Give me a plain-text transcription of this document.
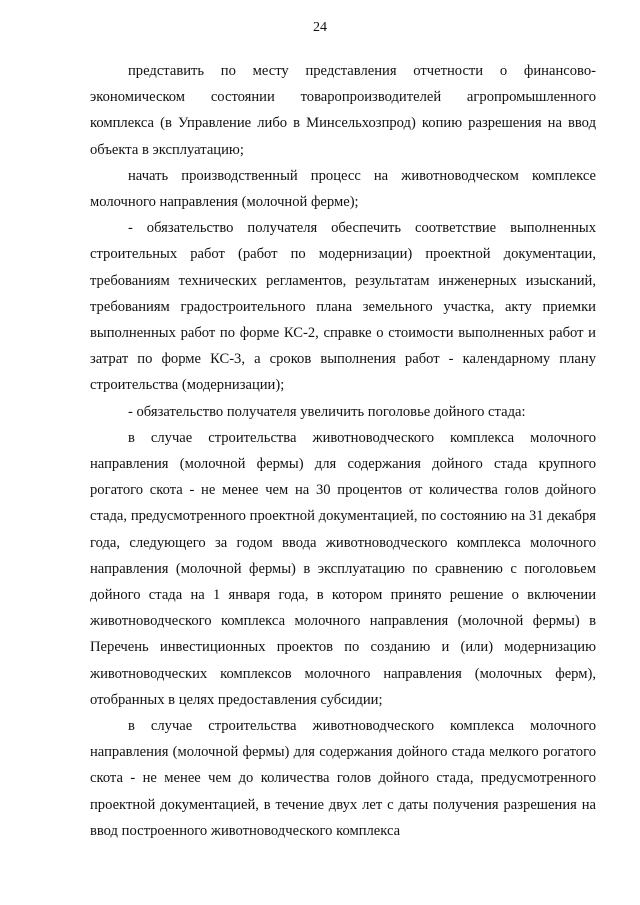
24

представить по месту представления отчетности о финансово-экономическом состоянии товаропроизводителей агропромышленного комплекса (в Управление либо в Минсельхозпрод) копию разрешения на ввод объекта в эксплуатацию;

начать производственный процесс на животноводческом комплексе молочного направления (молочной ферме);

- обязательство получателя обеспечить соответствие выполненных строительных работ (работ по модернизации) проектной документации, требованиям технических регламентов, результатам инженерных изысканий, требованиям градостроительного плана земельного участка, акту приемки выполненных работ по форме КС-2, справке о стоимости выполненных работ и затрат по форме КС-3, а сроков выполнения работ - календарному плану строительства (модернизации);

- обязательство получателя увеличить поголовье дойного стада:

в случае строительства животноводческого комплекса молочного направления (молочной фермы) для содержания дойного стада крупного рогатого скота - не менее чем на 30 процентов от количества голов дойного стада, предусмотренного проектной документацией, по состоянию на 31 декабря года, следующего за годом ввода животноводческого комплекса молочного направления (молочной фермы) в эксплуатацию по сравнению с поголовьем дойного стада на 1 января года, в котором принято решение о включении животноводческого комплекса молочного направления (молочной фермы) в Перечень инвестиционных проектов по созданию и (или) модернизацию животноводческих комплексов молочного направления (молочных ферм), отобранных в целях предоставления субсидии;

в случае строительства животноводческого комплекса молочного направления (молочной фермы) для содержания дойного стада мелкого рогатого скота - не менее чем до количества голов дойного стада, предусмотренного проектной документацией, в течение двух лет с даты получения разрешения на ввод построенного животноводческого комплекса
